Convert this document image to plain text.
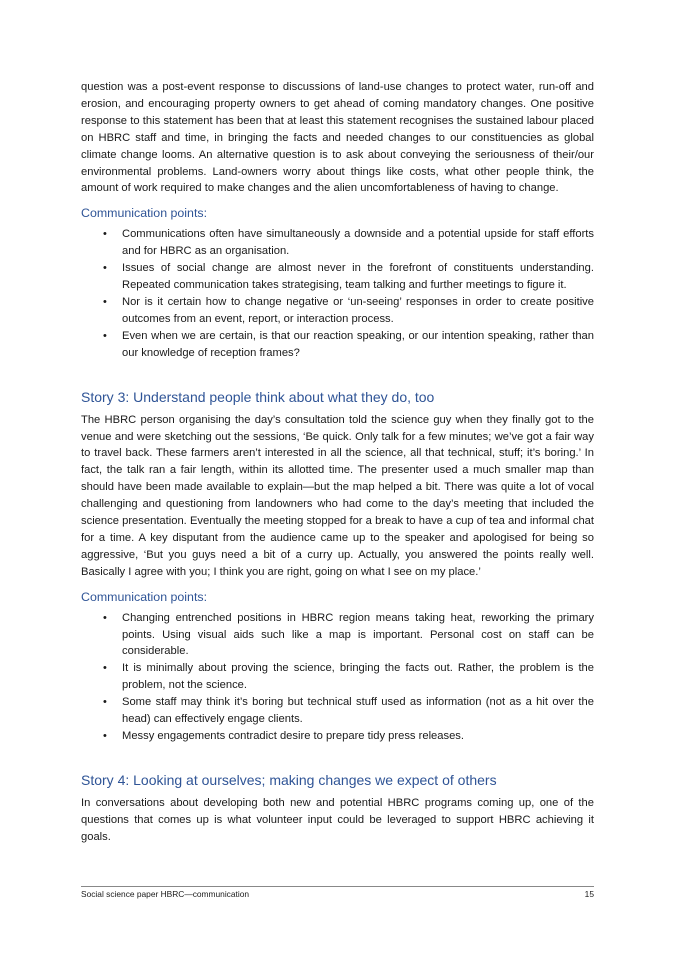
question was a post-event response to discussions of land-use changes to protect water, run-off and erosion, and encouraging property owners to get ahead of coming mandatory changes. One positive response to this statement has been that at least this statement recognises the sustained labour placed on HBRC staff and time, in bringing the facts and needed changes to our constituencies as global climate change looms. An alternative question is to ask about conveying the seriousness of their/our environmental problems. Land-owners worry about things like costs, what other people think, the amount of work required to make changes and the alien uncomfortableness of having to change.

Communication points:
• Communications often have simultaneously a downside and a potential upside for staff efforts and for HBRC as an organisation.
• Issues of social change are almost never in the forefront of constituents understanding. Repeated communication takes strategising, team talking and further meetings to figure it.
• Nor is it certain how to change negative or ‘un-seeing’ responses in order to create positive outcomes from an event, report, or interaction process.
• Even when we are certain, is that our reaction speaking, or our intention speaking, rather than our knowledge of reception frames?
Story 3: Understand people think about what they do, too

The HBRC person organising the day’s consultation told the science guy when they finally got to the venue and were sketching out the sessions, ‘Be quick. Only talk for a few minutes; we’ve got a fair way to travel back. These farmers aren’t interested in all the science, all that technical, stuff; it’s boring.’ In fact, the talk ran a fair length, within its allotted time. The presenter used a much smaller map than should have been made available to explain—but the map helped a bit. There was quite a lot of vocal challenging and questioning from landowners who had come to the day’s meeting that included the science presentation. Eventually the meeting stopped for a break to have a cup of tea and informal chat for a time. A key disputant from the audience came up to the speaker and apologised for being so aggressive, ‘But you guys need a bit of a curry up. Actually, you answered the points really well. Basically I agree with you; I think you are right, going on what I see on my place.’

Communication points:
• Changing entrenched positions in HBRC region means taking heat, reworking the primary points. Using visual aids such like a map is important. Personal cost on staff can be considerable.
• It is minimally about proving the science, bringing the facts out. Rather, the problem is the problem, not the science.
• Some staff may think it’s boring but technical stuff used as information (not as a hit over the head) can effectively engage clients.
• Messy engagements contradict desire to prepare tidy press releases.
Story 4: Looking at ourselves; making changes we expect of others

In conversations about developing both new and potential HBRC programs coming up, one of the questions that comes up is what volunteer input could be leveraged to support HBRC achieving it goals.

Social science paper HBRC—communication	15
